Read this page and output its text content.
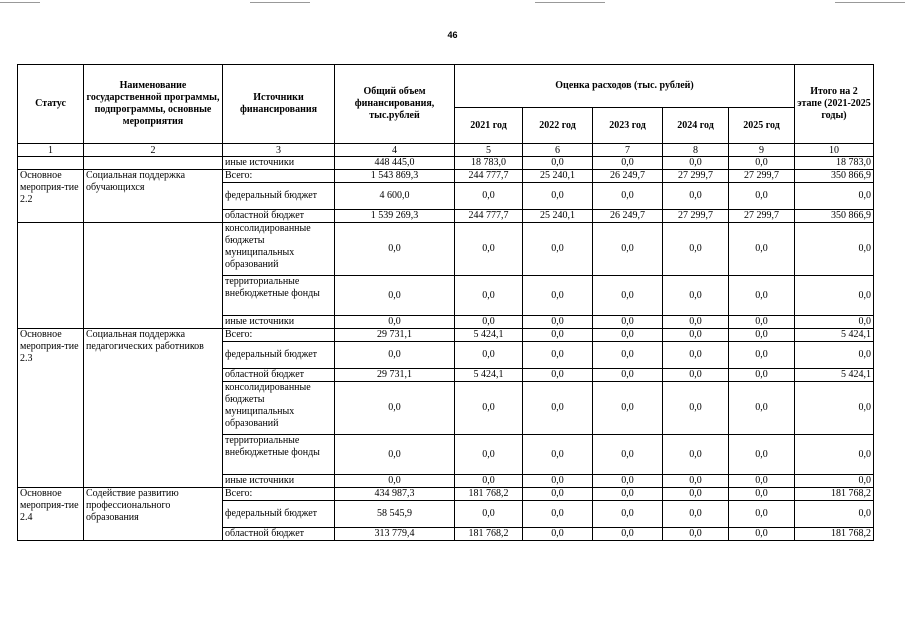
46
Статус	Наименование государственной программы, подпрограммы, основные мероприятия	Источники финансирования	Общий объем финансирования, тыс.рублей	Оценка расходов (тыс. рублей)					Итого на 2 этапе (2021-2025 годы)
				2021 год	2022 год	2023 год	2024 год	2025 год	
1	2	3	4	5	6	7	8	9	10
		иные источники	448 445,0	18 783,0	0,0	0,0	0,0	0,0	18 783,0
Основное мероприя-тие 2.2	Социальная поддержка обучающихся	Всего:	1 543 869,3	244 777,7	25 240,1	26 249,7	27 299,7	27 299,7	350 866,9
		федеральный бюджет	4 600,0	0,0	0,0	0,0	0,0	0,0	0,0
		областной бюджет	1 539 269,3	244 777,7	25 240,1	26 249,7	27 299,7	27 299,7	350 866,9
		консолидированные бюджеты муниципальных образований	0,0	0,0	0,0	0,0	0,0	0,0	0,0
		территориальные внебюджетные фонды	0,0	0,0	0,0	0,0	0,0	0,0	0,0
		иные источники	0,0	0,0	0,0	0,0	0,0	0,0	0,0
Основное мероприя-тие 2.3	Социальная поддержка педагогических работников	Всего:	29 731,1	5 424,1	0,0	0,0	0,0	0,0	5 424,1
		федеральный бюджет	0,0	0,0	0,0	0,0	0,0	0,0	0,0
		областной бюджет	29 731,1	5 424,1	0,0	0,0	0,0	0,0	5 424,1
		консолидированные бюджеты муниципальных образований	0,0	0,0	0,0	0,0	0,0	0,0	0,0
		территориальные внебюджетные фонды	0,0	0,0	0,0	0,0	0,0	0,0	0,0
		иные источники	0,0	0,0	0,0	0,0	0,0	0,0	0,0
Основное мероприя-тие 2.4	Содействие развитию профессионального образования	Всего:	434 987,3	181 768,2	0,0	0,0	0,0	0,0	181 768,2
		федеральный бюджет	58 545,9	0,0	0,0	0,0	0,0	0,0	0,0
		областной бюджет	313 779,4	181 768,2	0,0	0,0	0,0	0,0	181 768,2
